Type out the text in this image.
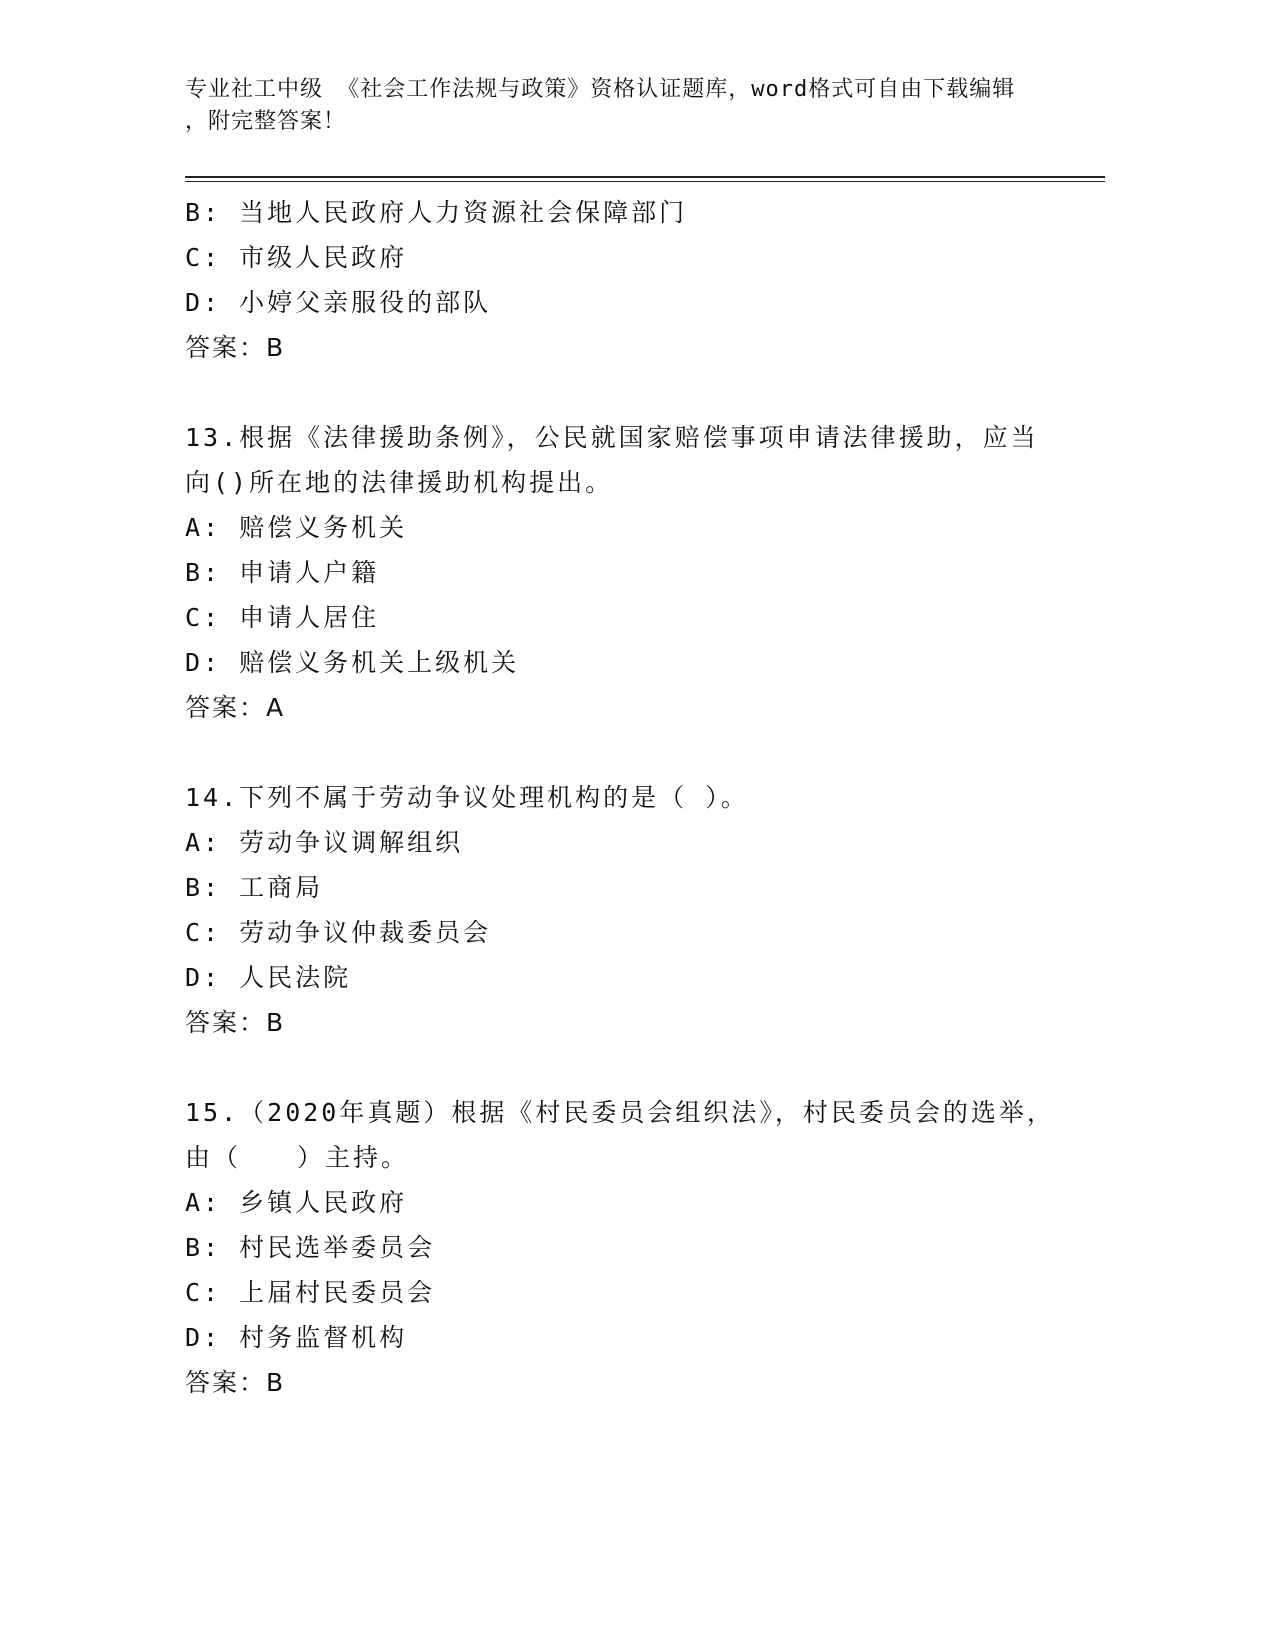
专业社工中级 《社会工作法规与政策》资格认证题库，word格式可自由下载编辑
，附完整答案！
B: 当地人民政府人力资源社会保障部门
C: 市级人民政府
D: 小婷父亲服役的部队
答案：B
13.根据《法律援助条例》，公民就国家赔偿事项申请法律援助，应当
向()所在地的法律援助机构提出。
A: 赔偿义务机关
B: 申请人户籍
C: 申请人居住
D: 赔偿义务机关上级机关
答案：A
14.下列不属于劳动争议处理机构的是（ ）。
A: 劳动争议调解组织
B: 工商局
C: 劳动争议仲裁委员会
D: 人民法院
答案：B
15.（2020年真题）根据《村民委员会组织法》，村民委员会的选举，
由（　　）主持。
A: 乡镇人民政府
B: 村民选举委员会
C: 上届村民委员会
D: 村务监督机构
答案：B
